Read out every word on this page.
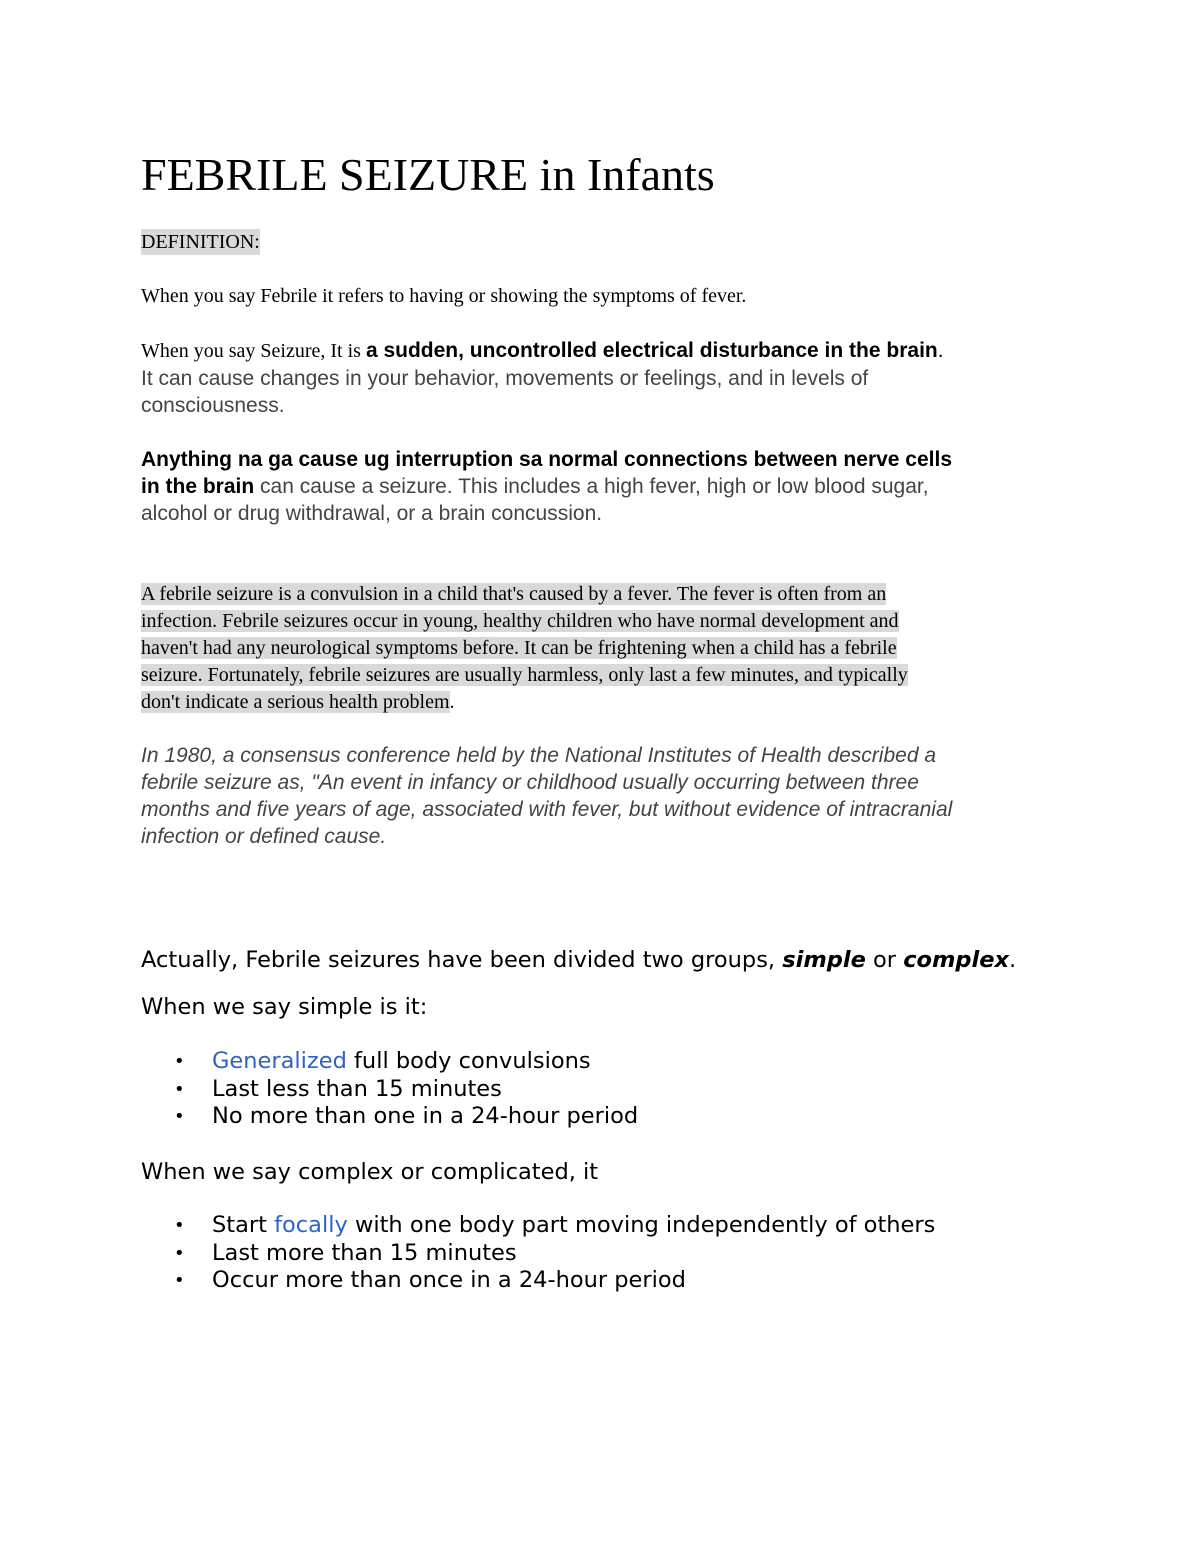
FEBRILE SEIZURE in Infants
DEFINITION:
When you say Febrile it refers to having or showing the symptoms of fever.
When you say Seizure, It is a sudden, uncontrolled electrical disturbance in the brain.
It can cause changes in your behavior, movements or feelings, and in levels of
consciousness.
Anything na ga cause ug interruption sa normal connections between nerve cells
in the brain can cause a seizure. This includes a high fever, high or low blood sugar,
alcohol or drug withdrawal, or a brain concussion.
A febrile seizure is a convulsion in a child that's caused by a fever. The fever is often from an
infection. Febrile seizures occur in young, healthy children who have normal development and
haven't had any neurological symptoms before. It can be frightening when a child has a febrile
seizure. Fortunately, febrile seizures are usually harmless, only last a few minutes, and typically
don't indicate a serious health problem.
In 1980, a consensus conference held by the National Institutes of Health described a
febrile seizure as, "An event in infancy or childhood usually occurring between three
months and five years of age, associated with fever, but without evidence of intracranial
infection or defined cause.
Actually, Febrile seizures have been divided two groups, simple or complex.
When we say simple is it:
• Generalized full body convulsions
• Last less than 15 minutes
• No more than one in a 24-hour period
When we say complex or complicated, it
• Start focally with one body part moving independently of others
• Last more than 15 minutes
• Occur more than once in a 24-hour period
